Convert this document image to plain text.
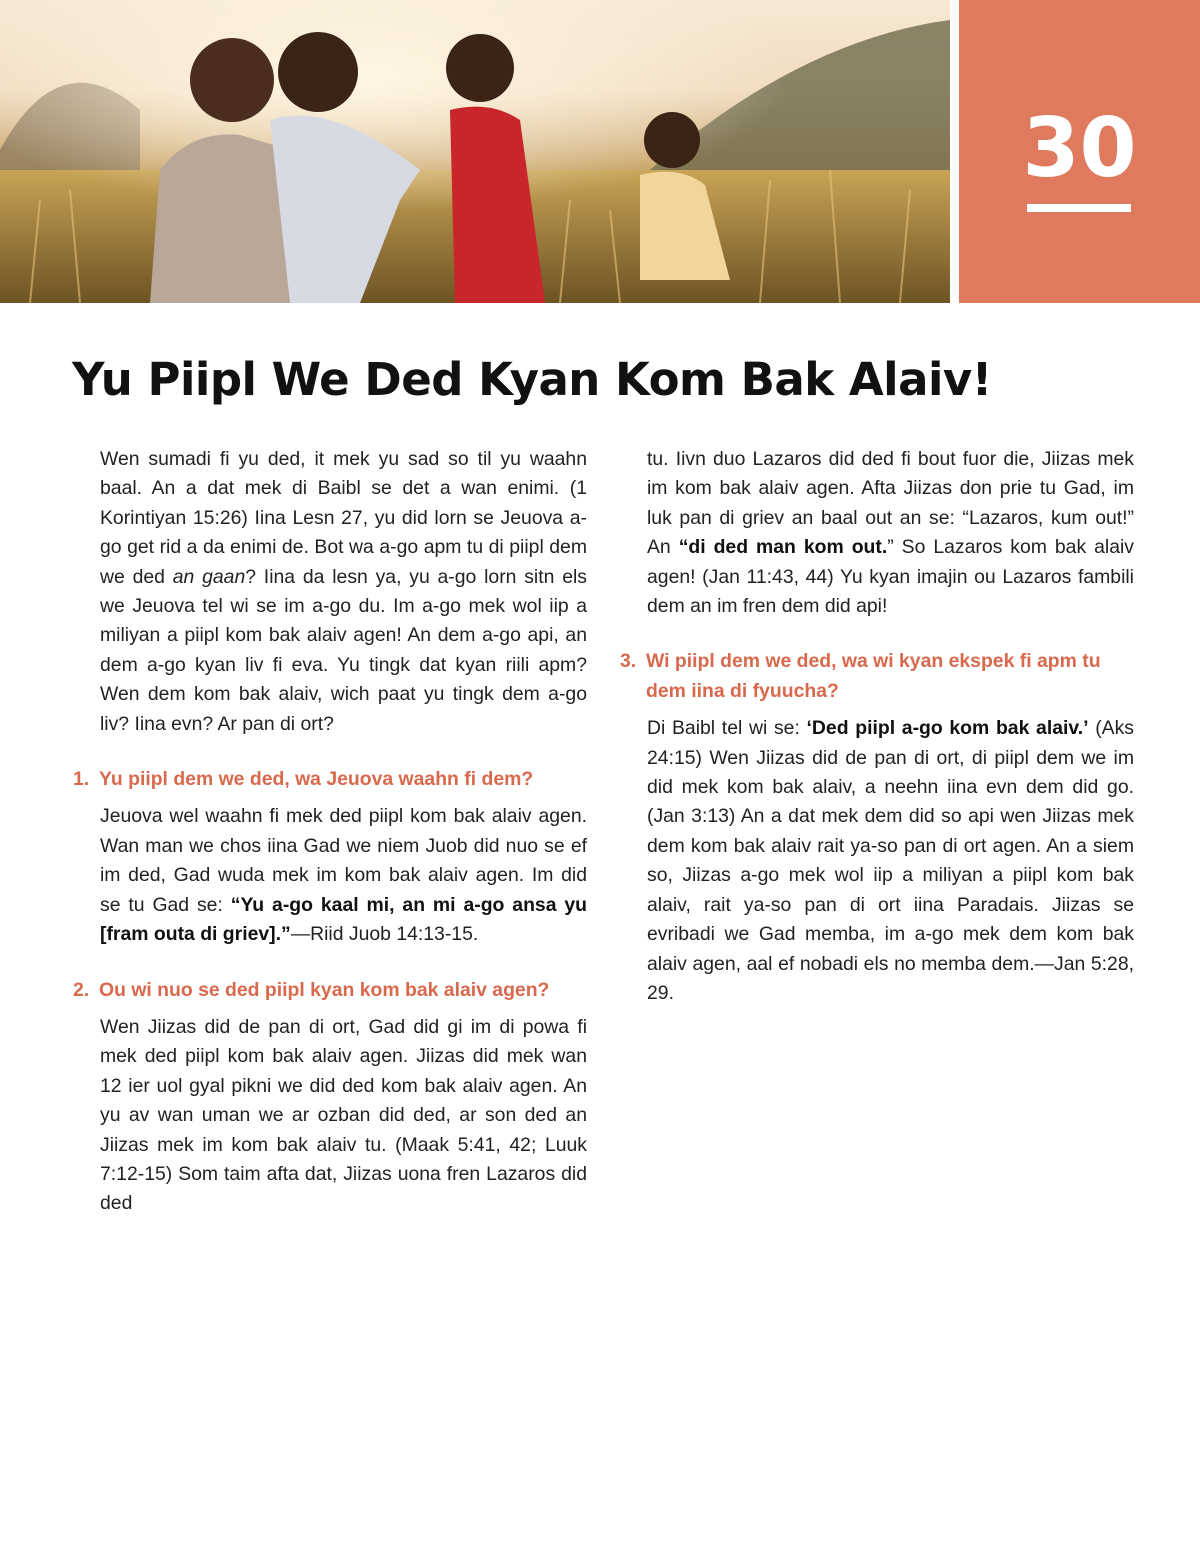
30
Yu Piipl We Ded Kyan Kom Bak Alaiv!

Wen sumadi fi yu ded, it mek yu sad so til yu waahn baal. An a dat mek di Baibl se det a wan enimi. (1 Korintiyan 15:26) Iina Lesn 27, yu did lorn se Jeuova a-go get rid a da enimi de. Bot wa a-go apm tu di piipl dem we ded an gaan? Iina da lesn ya, yu a-go lorn sitn els we Jeuova tel wi se im a-go du. Im a-go mek wol iip a miliyan a piipl kom bak alaiv agen! An dem a-go api, an dem a-go kyan liv fi eva. Yu tingk dat kyan riili apm? Wen dem kom bak alaiv, wich paat yu tingk dem a-go liv? Iina evn? Ar pan di ort?

1. Yu piipl dem we ded, wa Jeuova waahn fi dem?

Jeuova wel waahn fi mek ded piipl kom bak alaiv agen. Wan man we chos iina Gad we niem Juob did nuo se ef im ded, Gad wuda mek im kom bak alaiv agen. Im did se tu Gad se: “Yu a-go kaal mi, an mi a-go ansa yu [fram outa di griev].”—Riid Juob 14:13-15.

2. Ou wi nuo se ded piipl kyan kom bak alaiv agen?

Wen Jiizas did de pan di ort, Gad did gi im di powa fi mek ded piipl kom bak alaiv agen. Jiizas did mek wan 12 ier uol gyal pikni we did ded kom bak alaiv agen. An yu av wan uman we ar ozban did ded, ar son ded an Jiizas mek im kom bak alaiv tu. (Maak 5:41, 42; Luuk 7:12-15) Som taim afta dat, Jiizas uona fren Lazaros did ded

tu. Iivn duo Lazaros did ded fi bout fuor die, Jiizas mek im kom bak alaiv agen. Afta Jiizas don prie tu Gad, im luk pan di griev an baal out an se: “Lazaros, kum out!” An “di ded man kom out.” So Lazaros kom bak alaiv agen! (Jan 11:43, 44) Yu kyan imajin ou Lazaros fambili dem an im fren dem did api!

3. Wi piipl dem we ded, wa wi kyan ekspek fi apm tu dem iina di fyuucha?

Di Baibl tel wi se: ‘Ded piipl a-go kom bak alaiv.’ (Aks 24:15) Wen Jiizas did de pan di ort, di piipl dem we im did mek kom bak alaiv, a neehn iina evn dem did go. (Jan 3:13) An a dat mek dem did so api wen Jiizas mek dem kom bak alaiv rait ya-so pan di ort agen. An a siem so, Jiizas a-go mek wol iip a miliyan a piipl kom bak alaiv, rait ya-so pan di ort iina Paradais. Jiizas se evribadi we Gad memba, im a-go mek dem kom bak alaiv agen, aal ef nobadi els no memba dem.—Jan 5:28, 29.
